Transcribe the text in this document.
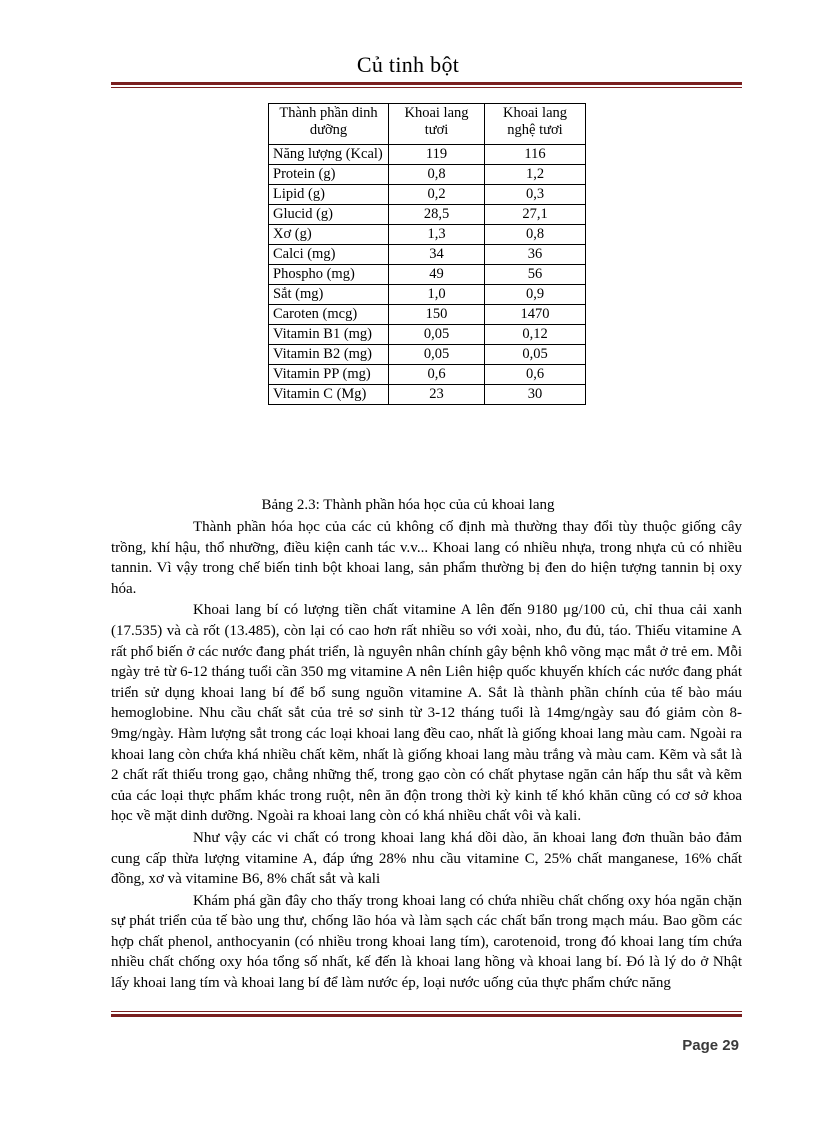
Củ tinh bột
Thành phần dinh dưỡng	Khoai lang tươi	Khoai lang nghệ tươi
Năng lượng (Kcal)	119	116
Protein (g)	0,8	1,2
Lipid (g)	0,2	0,3
Glucid (g)	28,5	27,1
Xơ (g)	1,3	0,8
Calci (mg)	34	36
Phospho (mg)	49	56
Sắt (mg)	1,0	0,9
Caroten (mcg)	150	1470
Vitamin B1 (mg)	0,05	0,12
Vitamin B2 (mg)	0,05	0,05
Vitamin PP (mg)	0,6	0,6
Vitamin C (Mg)	23	30
Bảng 2.3: Thành phần hóa học của củ khoai lang

Thành phần hóa học của các củ không cố định mà thường thay đổi tùy thuộc giống cây trồng, khí hậu, thổ nhưỡng, điều kiện canh tác v.v... Khoai lang có nhiều nhựa, trong nhựa củ có nhiều tannin. Vì vậy trong chế biến tinh bột khoai lang, sản phẩm thường bị đen do hiện tượng tannin bị oxy hóa.

Khoai lang bí có lượng tiền chất vitamine A lên đến 9180 μg/100 củ, chỉ thua cải xanh (17.535) và cà rốt (13.485), còn lại có cao hơn rất nhiều so với xoài, nho, đu đủ, táo. Thiếu vitamine A rất phổ biến ở các nước đang phát triển, là nguyên nhân chính gây bệnh khô võng mạc mắt ở trẻ em. Mỗi ngày trẻ từ 6-12 tháng tuổi cần 350 mg vitamine A nên Liên hiệp quốc khuyến khích các nước đang phát triển sử dụng khoai lang bí để bổ sung nguồn vitamine A. Sắt là thành phần chính của tế bào máu hemoglobine. Nhu cầu chất sắt của trẻ sơ sinh từ 3-12 tháng tuổi là 14mg/ngày sau đó giảm còn 8-9mg/ngày. Hàm lượng sắt trong các loại khoai lang đều cao, nhất là giống khoai lang màu cam. Ngoài ra khoai lang còn chứa khá nhiều chất kẽm, nhất là giống khoai lang màu trắng và màu cam. Kẽm và sắt là 2 chất rất thiếu trong gạo, chẳng những thế, trong gạo còn có chất phytase ngăn cản hấp thu sắt và kẽm của các loại thực phẩm khác trong ruột, nên ăn độn trong thời kỳ kinh tế khó khăn cũng có cơ sở khoa học về mặt dinh dưỡng. Ngoài ra khoai lang còn có khá nhiều chất vôi và kali.

Như vậy các vi chất có trong khoai lang khá dồi dào, ăn khoai lang đơn thuần bảo đảm cung cấp thừa lượng vitamine A, đáp ứng 28% nhu cầu vitamine C, 25% chất manganese, 16% chất đồng, xơ và vitamine B6, 8% chất sắt và kali

Khám phá gần đây cho thấy trong khoai lang có chứa nhiều chất chống oxy hóa ngăn chặn sự phát triển của tế bào ung thư, chống lão hóa và làm sạch các chất bẩn trong mạch máu. Bao gồm các hợp chất phenol, anthocyanin (có nhiều trong khoai lang tím), carotenoid, trong đó khoai lang tím chứa nhiều chất chống oxy hóa tổng số nhất, kế đến là khoai lang hồng và khoai lang bí. Đó là lý do ở Nhật lấy khoai lang tím và khoai lang bí để làm nước ép, loại nước uống của thực phẩm chức năng

Page 29
